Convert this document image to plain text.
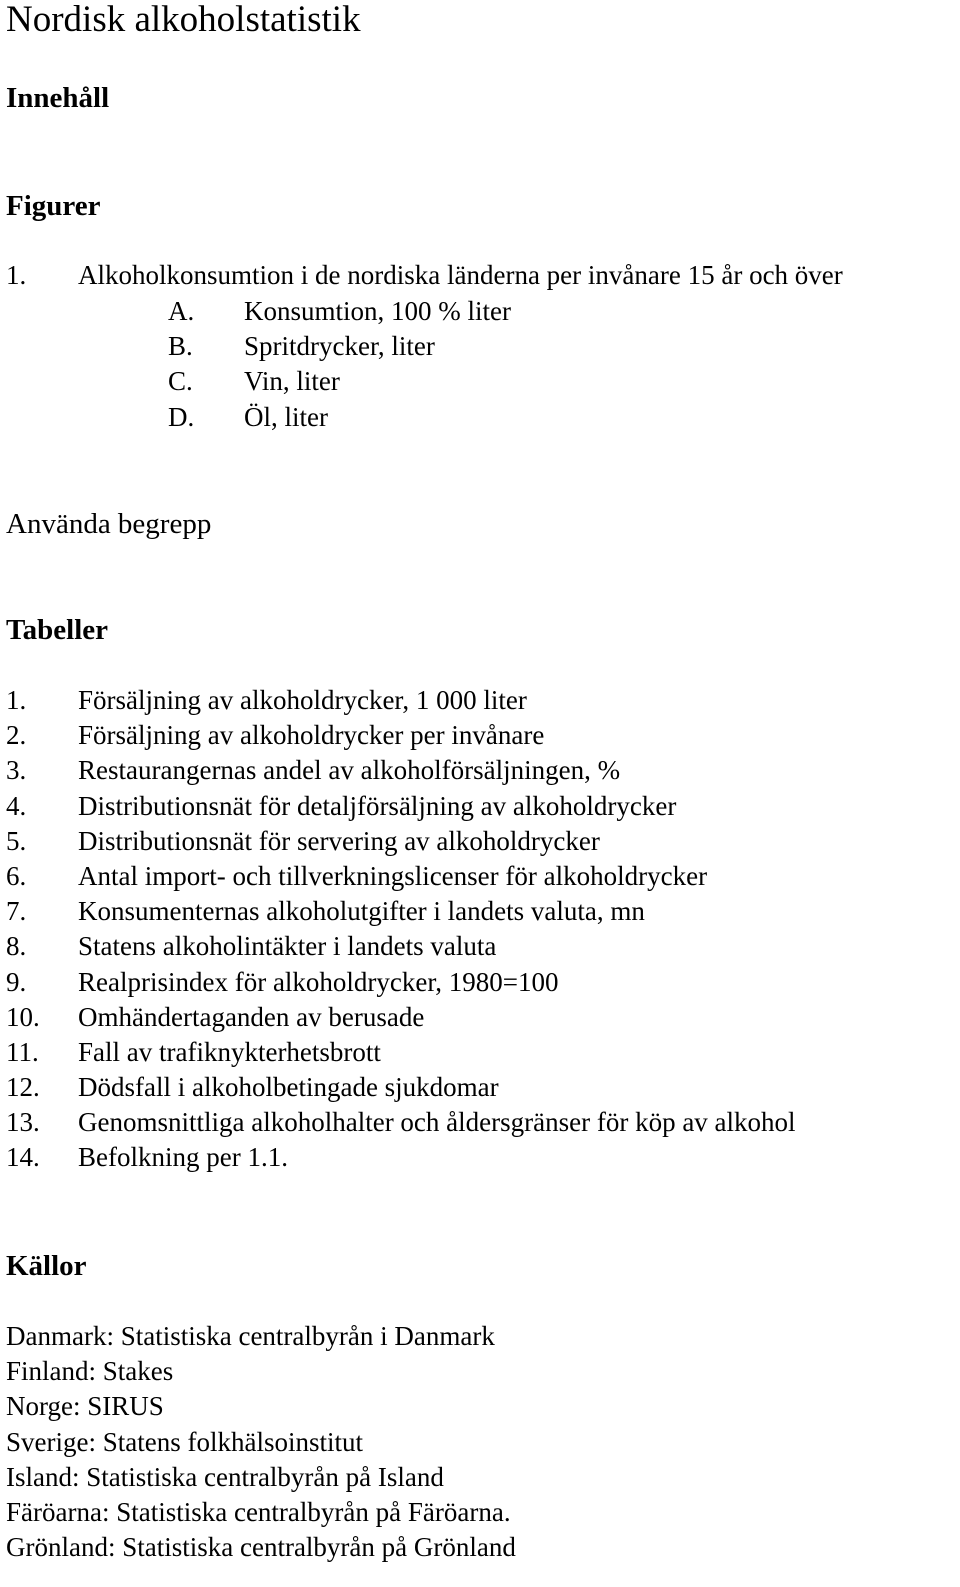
Nordisk alkoholstatistik
Innehåll
Figurer
1. Alkoholkonsumtion i de nordiska länderna per invånare 15 år och över
A. Konsumtion, 100 % liter
B. Spritdrycker, liter
C. Vin, liter
D. Öl, liter
Använda begrepp
Tabeller
1. Försäljning av alkoholdrycker, 1 000 liter
2. Försäljning av alkoholdrycker per invånare
3. Restaurangernas andel av alkoholförsäljningen, %
4. Distributionsnät för detaljförsäljning av alkoholdrycker
5. Distributionsnät för servering av alkoholdrycker
6. Antal import- och tillverkningslicenser för alkoholdrycker
7. Konsumenternas alkoholutgifter i landets valuta, mn
8. Statens alkoholintäkter i landets valuta
9. Realprisindex för alkoholdrycker, 1980=100
10. Omhändertaganden av berusade
11. Fall av trafiknykterhetsbrott
12. Dödsfall i alkoholbetingade sjukdomar
13. Genomsnittliga alkoholhalter och åldersgränser för köp av alkohol
14. Befolkning per 1.1.
Källor
Danmark: Statistiska centralbyrån i Danmark
Finland: Stakes
Norge: SIRUS
Sverige: Statens folkhälsoinstitut
Island: Statistiska centralbyrån på Island
Färöarna: Statistiska centralbyrån på Färöarna.
Grönland: Statistiska centralbyrån på Grönland
